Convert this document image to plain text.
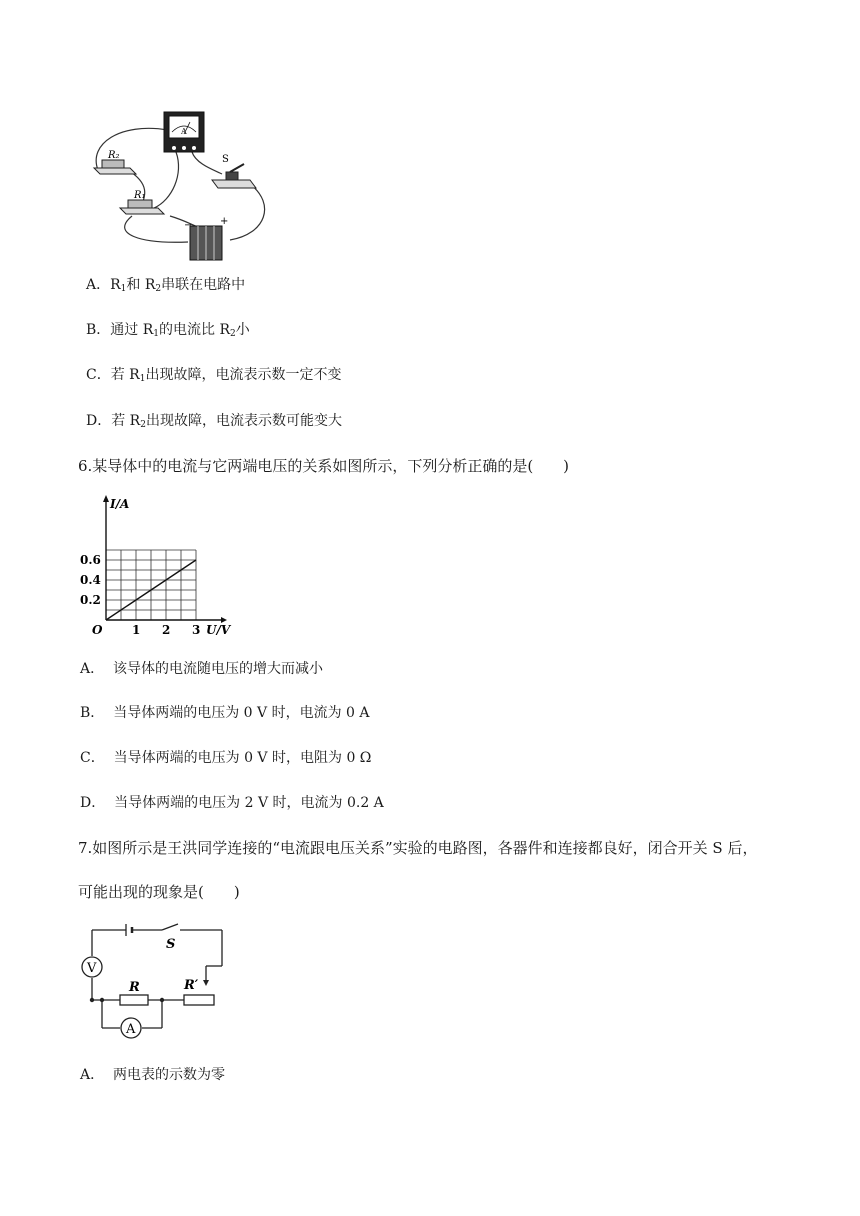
A
R₂
R₁
S
−	+
A．$R_1$和 $R_2$串联在电路中
B．通过 $R_1$的电流比 $R_2$小
C．若 $R_1$出现故障，电流表示数一定不变
D．若 $R_2$出现故障，电流表示数可能变大
6.某导体中的电流与它两端电压的关系如图所示，下列分析正确的是(　　)
1 2 3
0.2
0.4
0.6
O
I/A
U/V
A． 该导体的电流随电压的增大而减小
B． 当导体两端的电压为 0 V 时，电流为 0 A
C． 当导体两端的电压为 0 V 时，电阻为 0 Ω
D． 当导体两端的电压为 2 V 时，电流为 0.2 A
7.如图所示是王洪同学连接的“电流跟电压关系”实验的电路图，各器件和连接都良好，闭合开关 S 后，
可能出现的现象是(　　)
V
A
S
R	R′
A． 两电表的示数为零
